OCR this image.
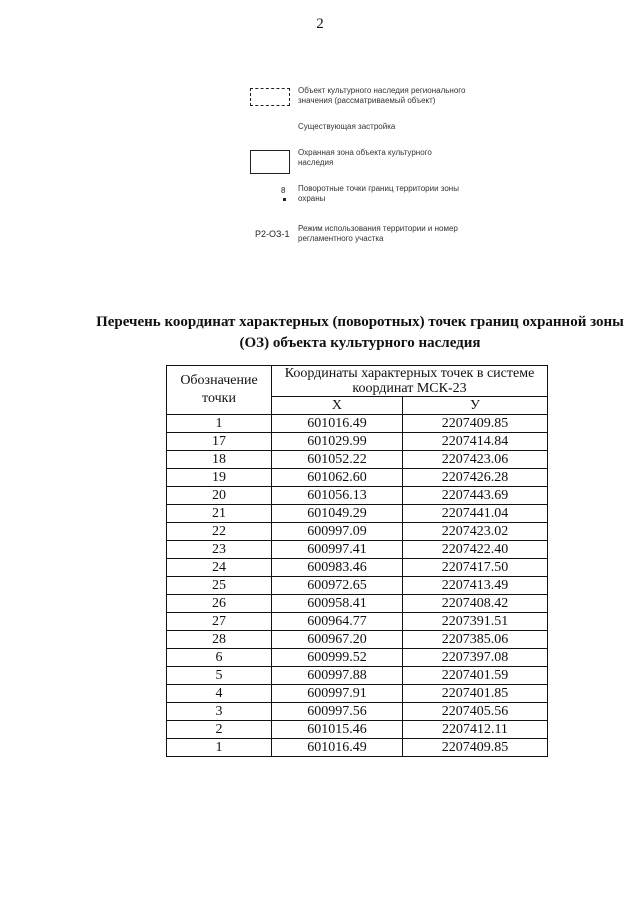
2
Объект культурного наследия регионального значения (рассматриваемый объект)
Существующая застройка
Охранная зона объекта культурного наследия
8 Поворотные точки границ территории зоны охраны
Р2-ОЗ-1
Режим использования территории и номер регламентного участка
Перечень координат характерных (поворотных) точек границ охранной зоны (ОЗ) объекта культурного наследия
Обозначение точки	Координаты характерных точек в системе координат МСК-23	
	Х	У
1	601016.49	2207409.85
17	601029.99	2207414.84
18	601052.22	2207423.06
19	601062.60	2207426.28
20	601056.13	2207443.69
21	601049.29	2207441.04
22	600997.09	2207423.02
23	600997.41	2207422.40
24	600983.46	2207417.50
25	600972.65	2207413.49
26	600958.41	2207408.42
27	600964.77	2207391.51
28	600967.20	2207385.06
6	600999.52	2207397.08
5	600997.88	2207401.59
4	600997.91	2207401.85
3	600997.56	2207405.56
2	601015.46	2207412.11
1	601016.49	2207409.85
